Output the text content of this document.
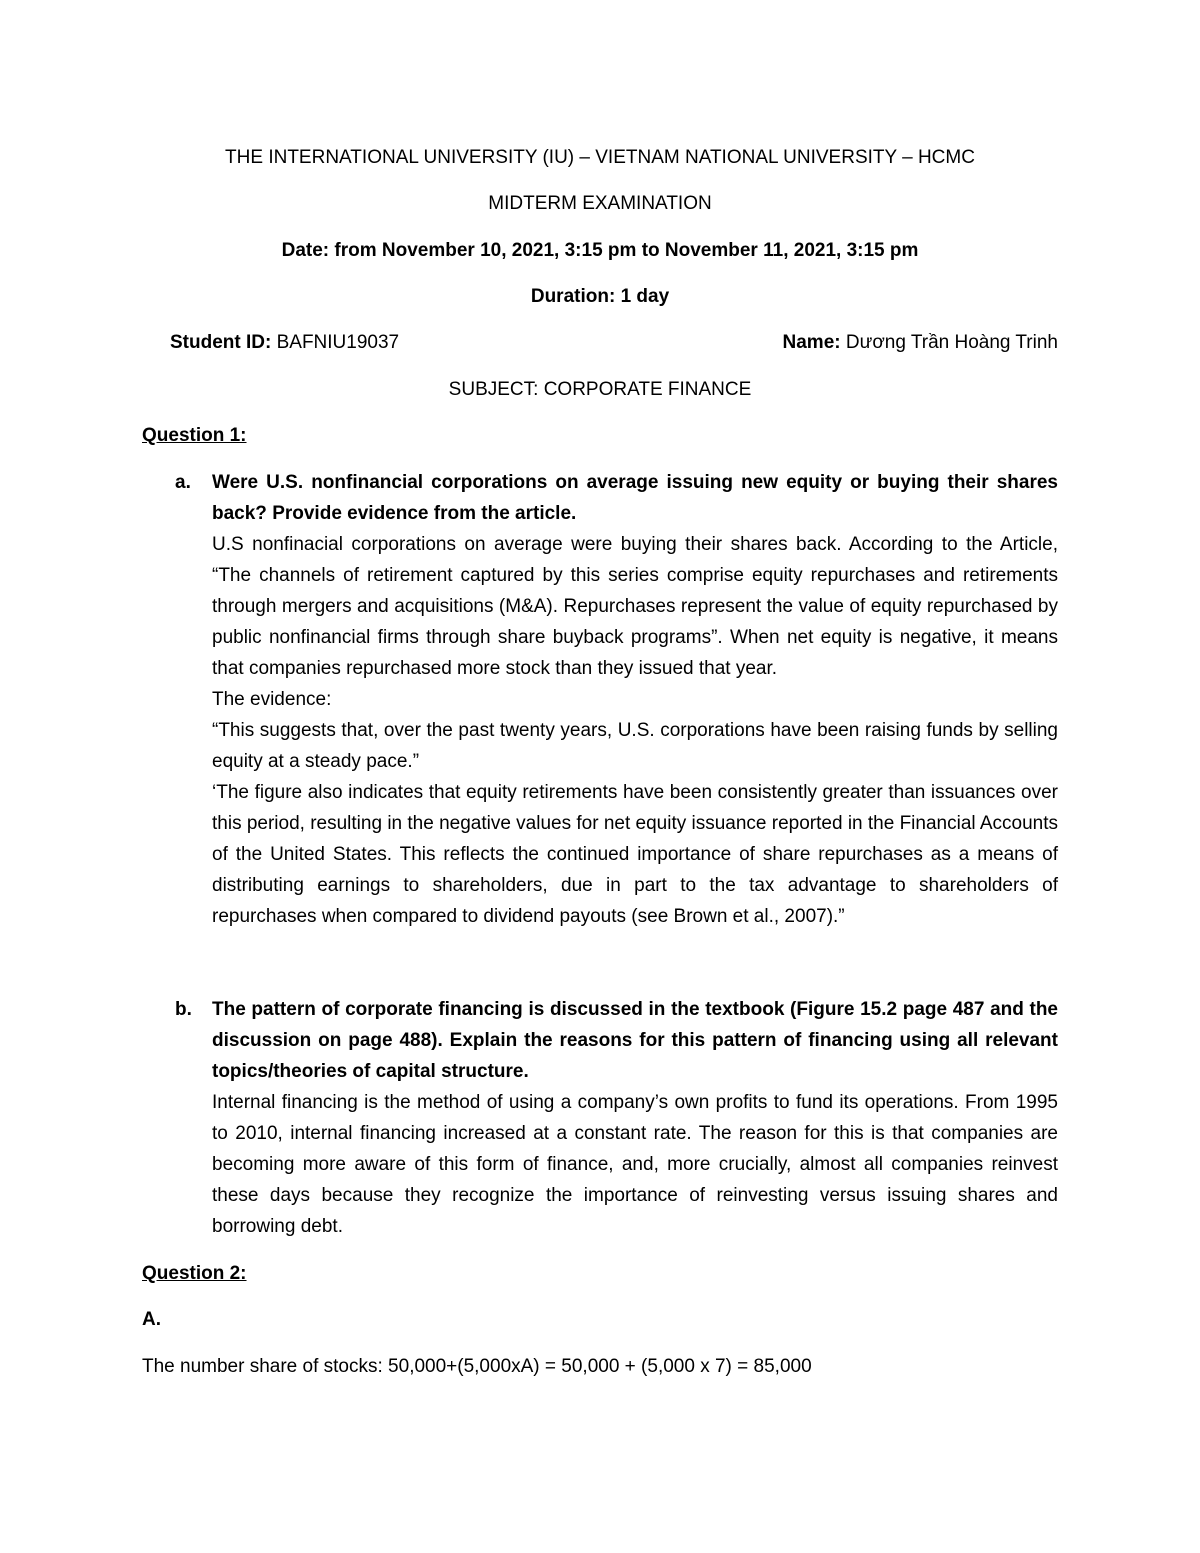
THE INTERNATIONAL UNIVERSITY (IU) – VIETNAM NATIONAL UNIVERSITY – HCMC
MIDTERM EXAMINATION
Date: from November 10, 2021, 3:15 pm to November 11, 2021, 3:15 pm
Duration: 1 day
Student ID: BAFNIU19037	Name: Dương Trần Hoàng Trinh
SUBJECT: CORPORATE FINANCE
Question 1:
a. Were U.S. nonfinancial corporations on average issuing new equity or buying their shares back? Provide evidence from the article.

U.S nonfinacial corporations on average were buying their shares back. According to the Article, “The channels of retirement captured by this series comprise equity repurchases and retirements through mergers and acquisitions (M&A). Repurchases represent the value of equity repurchased by public nonfinancial firms through share buyback programs”. When net equity is negative, it means that companies repurchased more stock than they issued that year.

The evidence:

“This suggests that, over the past twenty years, U.S. corporations have been raising funds by selling equity at a steady pace.”

‘The figure also indicates that equity retirements have been consistently greater than issuances over this period, resulting in the negative values for net equity issuance reported in the Financial Accounts of the United States. This reflects the continued importance of share repurchases as a means of distributing earnings to shareholders, due in part to the tax advantage to shareholders of repurchases when compared to dividend payouts (see Brown et al., 2007).”

b. The pattern of corporate financing is discussed in the textbook (Figure 15.2 page 487 and the discussion on page 488). Explain the reasons for this pattern of financing using all relevant topics/theories of capital structure.

Internal financing is the method of using a company’s own profits to fund its operations. From 1995 to 2010, internal financing increased at a constant rate. The reason for this is that companies are becoming more aware of this form of finance, and, more crucially, almost all companies reinvest these days because they recognize the importance of reinvesting versus issuing shares and borrowing debt.

Question 2:
A.
The number share of stocks: 50,000+(5,000xA) = 50,000 + (5,000 x 7) = 85,000
